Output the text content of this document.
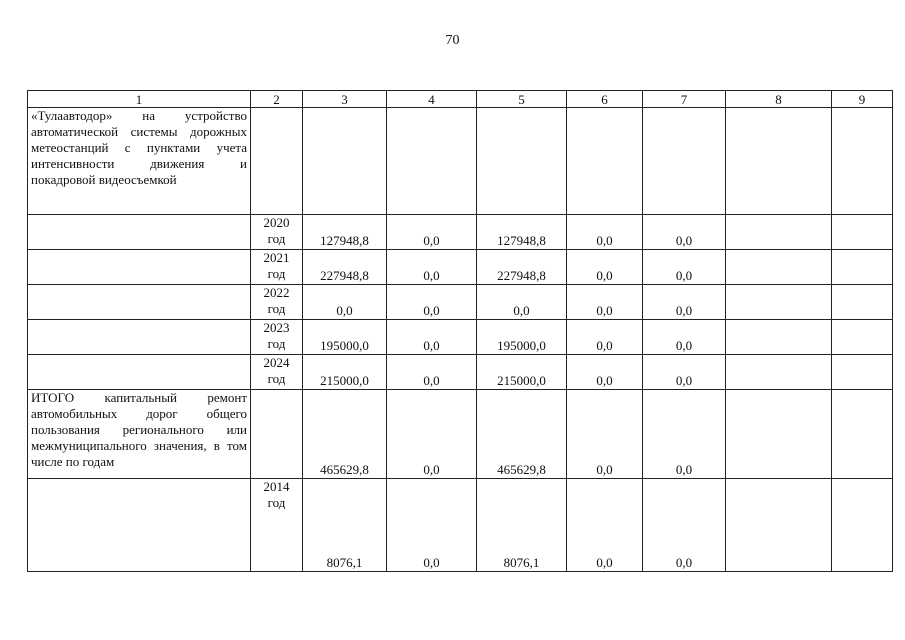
70
1	2	3	4	5	6	7	8	9
«Тулаавтодор» на устройство автоматической системы дорожных метеостанций с пунктами учета интенсивности движения и покадровой видеосъемкой								
	2020 год	127948,8	0,0	127948,8	0,0	0,0		
	2021 год	227948,8	0,0	227948,8	0,0	0,0		
	2022 год	0,0	0,0	0,0	0,0	0,0		
	2023 год	195000,0	0,0	195000,0	0,0	0,0		
	2024 год	215000,0	0,0	215000,0	0,0	0,0		
ИТОГО капитальный ремонт автомобильных дорог общего пользования регионального или межмуниципального значения, в том числе по годам		465629,8	0,0	465629,8	0,0	0,0		
	2014 год	8076,1	0,0	8076,1	0,0	0,0		
